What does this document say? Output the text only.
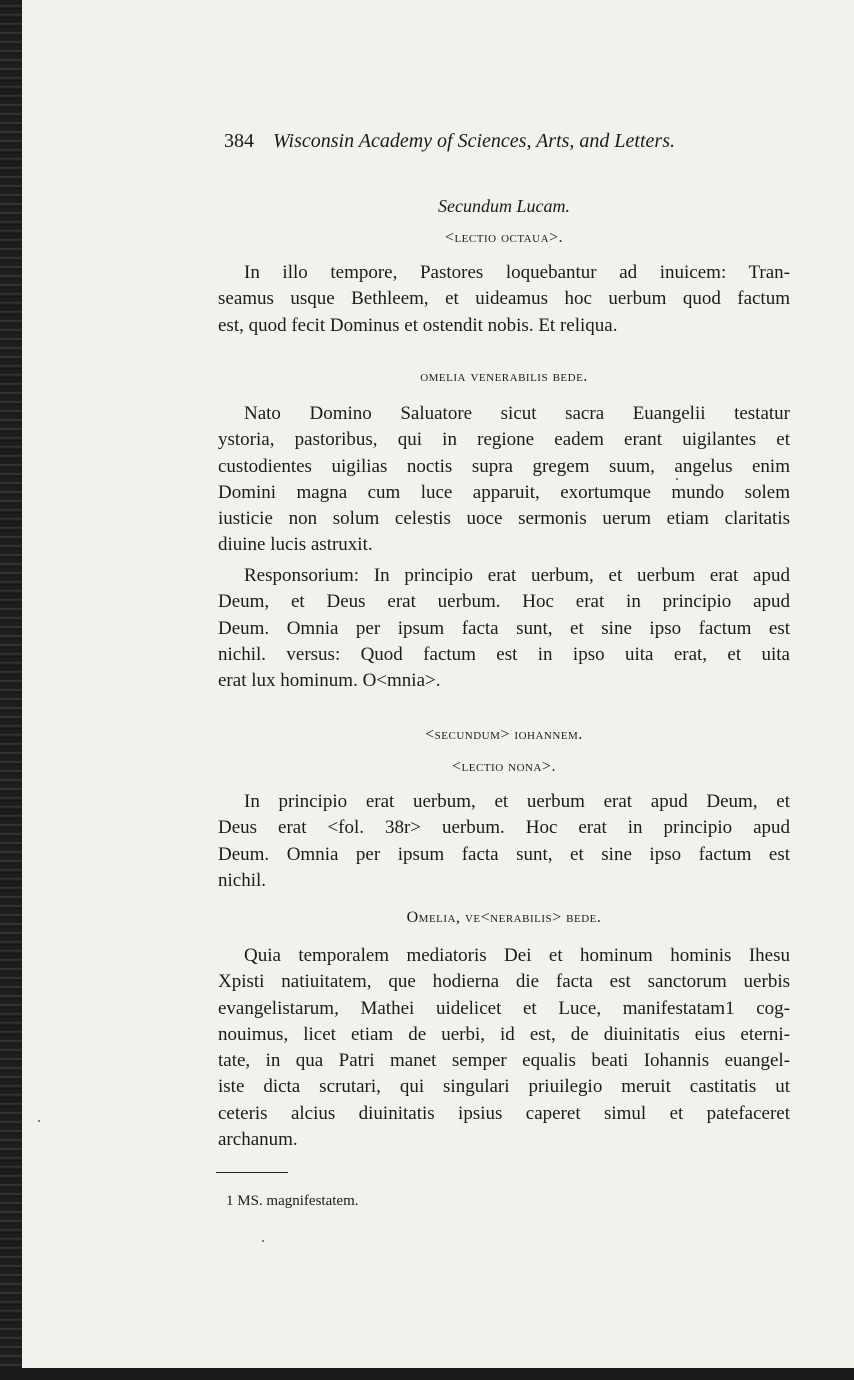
384 Wisconsin Academy of Sciences, Arts, and Letters.
Secundum Lucam.
<lectio octaua>.
In illo tempore, Pastores loquebantur ad inuicem: Tran-
seamus usque Bethleem, et uideamus hoc uerbum quod factum
est, quod fecit Dominus et ostendit nobis. Et reliqua.
omelia venerabilis bede.
Nato Domino Saluatore sicut sacra Euangelii testatur
ystoria, pastoribus, qui in regione eadem erant uigilantes et
custodientes uigilias noctis supra gregem suum, angelus enim
Domini magna cum luce apparuit, exortumque mundo solem
iusticie non solum celestis uoce sermonis uerum etiam claritatis
diuine lucis astruxit.
Responsorium: In principio erat uerbum, et uerbum erat apud
Deum, et Deus erat uerbum. Hoc erat in principio apud
Deum. Omnia per ipsum facta sunt, et sine ipso factum est
nichil. versus: Quod factum est in ipso uita erat, et uita
erat lux hominum. O<mnia>.
<secundum> iohannem.
<lectio nona>.
In principio erat uerbum, et uerbum erat apud Deum, et
Deus erat <fol. 38r> uerbum. Hoc erat in principio apud
Deum. Omnia per ipsum facta sunt, et sine ipso factum est
nichil.
Omelia, ve<nerabilis> bede.
Quia temporalem mediatoris Dei et hominum hominis Ihesu
Xpisti natiuitatem, que hodierna die facta est sanctorum uerbis
evangelistarum, Mathei uidelicet et Luce, manifestatam1 cog-
nouimus, licet etiam de uerbi, id est, de diuinitatis eius eterni-
tate, in qua Patri manet semper equalis beati Iohannis euangel-
iste dicta scrutari, qui singulari priuilegio meruit castitatis ut
ceteris alcius diuinitatis ipsius caperet simul et patefaceret
archanum.
1 MS. magnifestatem.
